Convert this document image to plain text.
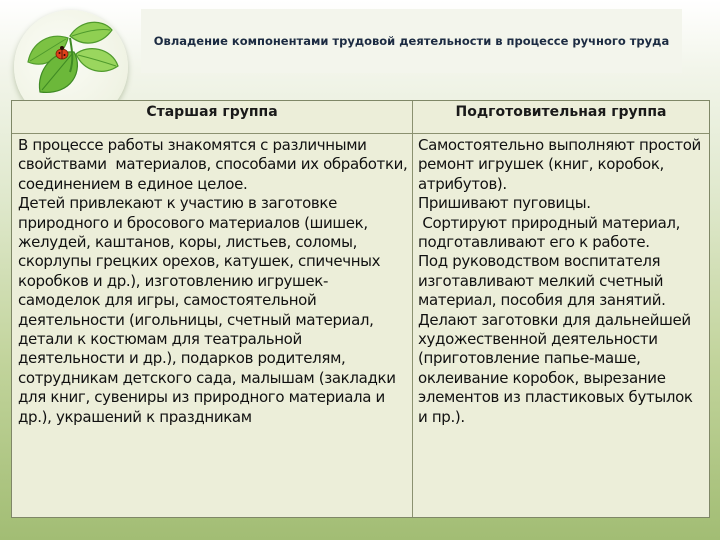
Овладение компонентами трудовой деятельности в процессе ручного труда
Старшая группа	Подготовительная группа
В процессе работы знакомятся с различными свойствами  материалов, способами их обработки, соединением в единое целое.
Детей привлекают к участию в заготовке природного и бросового материалов (шишек, желудей, каштанов, коры, листьев, соломы, скорлупы грецких орехов, катушек, спичечных коробков и др.), изготовлению игрушек-самоделок для игры, самостоятельной деятельности (игольницы, счетный материал, детали к костюмам для театральной деятельности и др.), подарков родителям, сотрудникам детского сада, малышам (закладки для книг, сувениры из природного материала и др.), украшений к праздникам
Самостоятельно выполняют простой ремонт игрушек (книг, коробок, атрибутов).
Пришивают пуговицы.
Сортируют природный материал, подготавливают его к работе.
Под руководством воспитателя изготавливают мелкий счетный материал, пособия для занятий.
Делают заготовки для дальнейшей художественной деятельности (приготовление папье-маше, оклеивание коробок, вырезание элементов из пластиковых бутылок и пр.).
